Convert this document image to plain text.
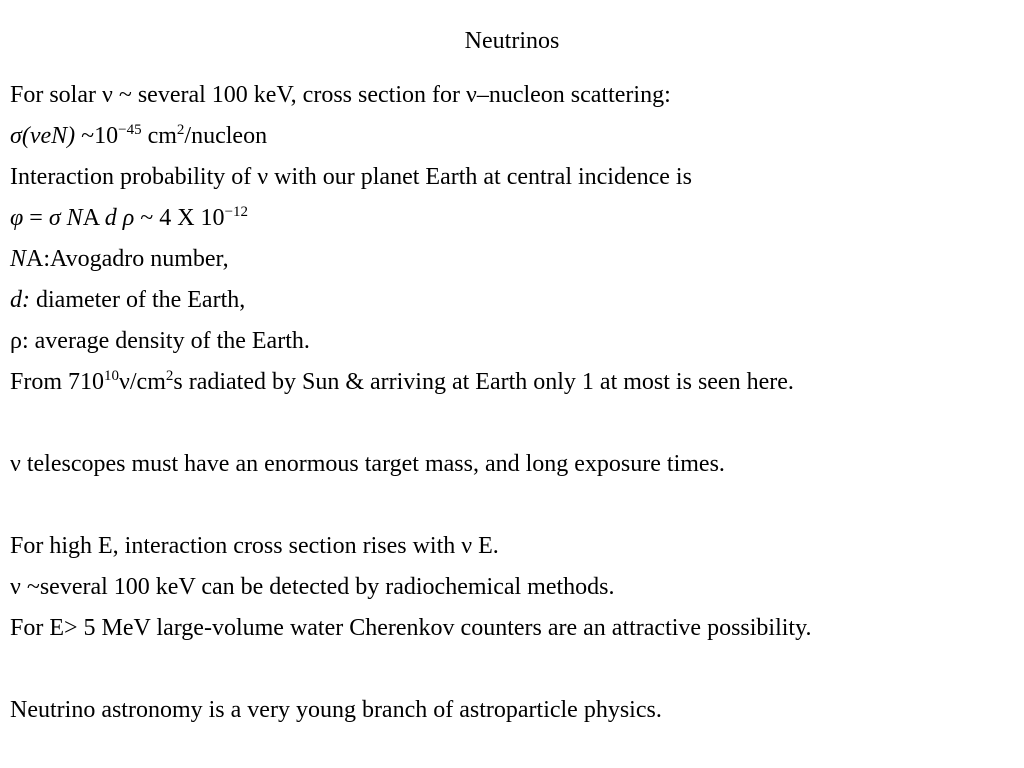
Neutrinos
For solar ν ~ several 100 keV, cross section for ν–nucleon scattering:
σ(νeN) $\sim 10^{-45}$ $cm^2$/nucleon
Interaction probability of ν with our planet Earth at central incidence is
φ = σ NA d ρ ~ 4 X $10^{-12}$
NA:Avogadro number,
d: diameter of the Earth,
ρ: average density of the Earth.
From $710^{10}\nu/cm^2s$ radiated by Sun & arriving at Earth only 1 at most is seen here.
ν telescopes must have an enormous target mass, and long exposure times.
For high E, interaction cross section rises with ν E.
ν ~several 100 keV can be detected by radiochemical methods.
For E> 5 MeV large-volume water Cherenkov counters are an attractive possibility.
Neutrino astronomy is a very young branch of astroparticle physics.
